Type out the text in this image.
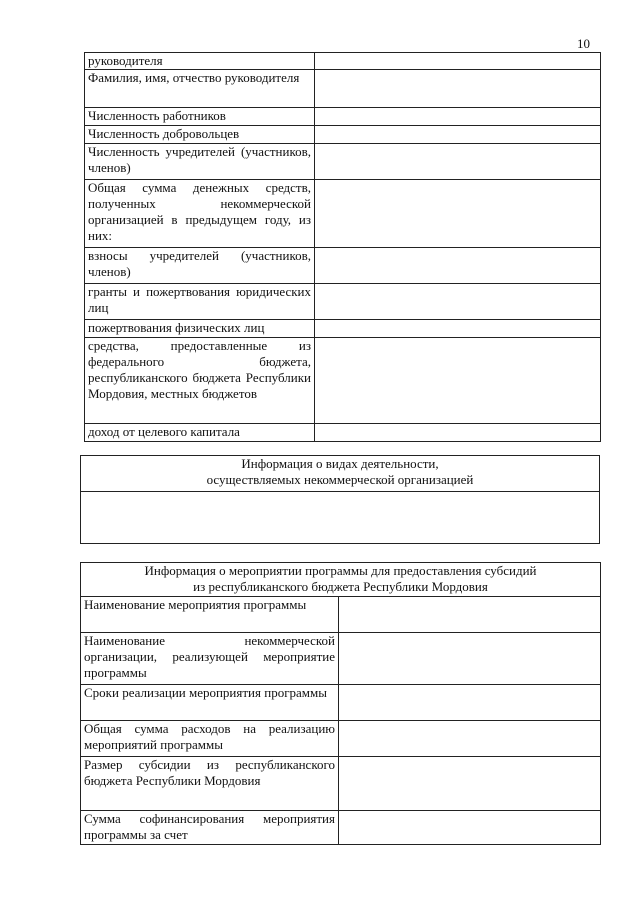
10
руководителя	
Фамилия, имя, отчество руководителя	
Численность работников	
Численность добровольцев	
Численность учредителей (участников, членов)	
Общая сумма денежных средств, полученных некоммерческой организацией в предыдущем году, из них:	
взносы учредителей (участников, членов)	
гранты и пожертвования юридических лиц	
пожертвования физических лиц	
средства, предоставленные из федерального бюджета, республиканского бюджета Республики Мордовия, местных бюджетов	
доход от целевого капитала	
Информация о видах деятельности,
осуществляемых некоммерческой организацией

Информация о мероприятии программы для предоставления субсидий
из республиканского бюджета Республики Мордовия	

Наименование мероприятия программы	
Наименование некоммерческой организации, реализующей мероприятие программы	
Сроки реализации мероприятия программы	
Общая сумма расходов на реализацию мероприятий программы	
Размер субсидии из республиканского бюджета Республики Мордовия	
Сумма софинансирования мероприятия программы за счет	
